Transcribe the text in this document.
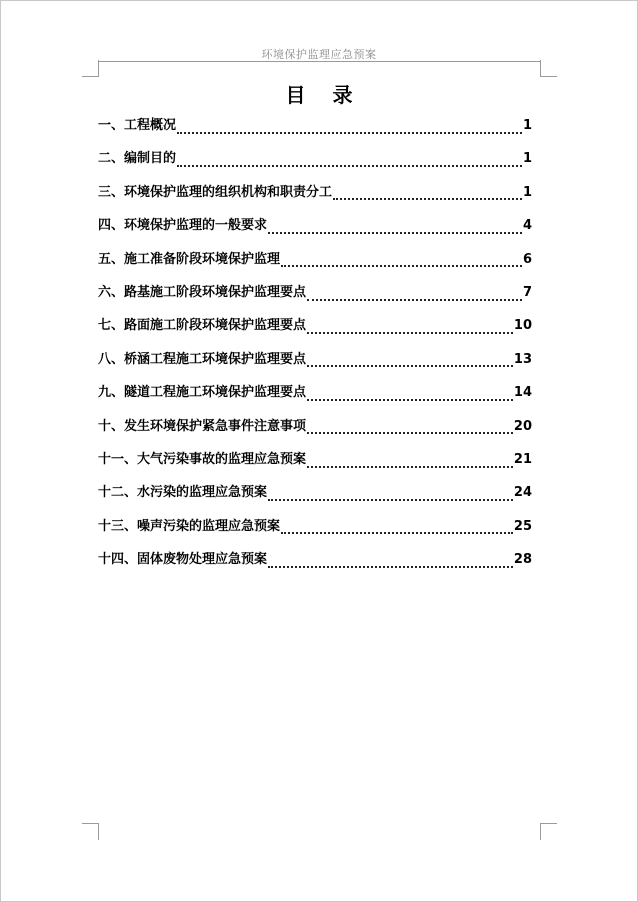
环境保护监理应急预案
目 录
一、工程概况	1
二、编制目的	1
三、环境保护监理的组织机构和职责分工	1
四、环境保护监理的一般要求	4
五、施工准备阶段环境保护监理	6
六、路基施工阶段环境保护监理要点	7
七、路面施工阶段环境保护监理要点	10
八、桥涵工程施工环境保护监理要点	13
九、隧道工程施工环境保护监理要点	14
十、发生环境保护紧急事件注意事项	20
十一、大气污染事故的监理应急预案	21
十二、水污染的监理应急预案	24
十三、噪声污染的监理应急预案	25
十四、固体废物处理应急预案	28
